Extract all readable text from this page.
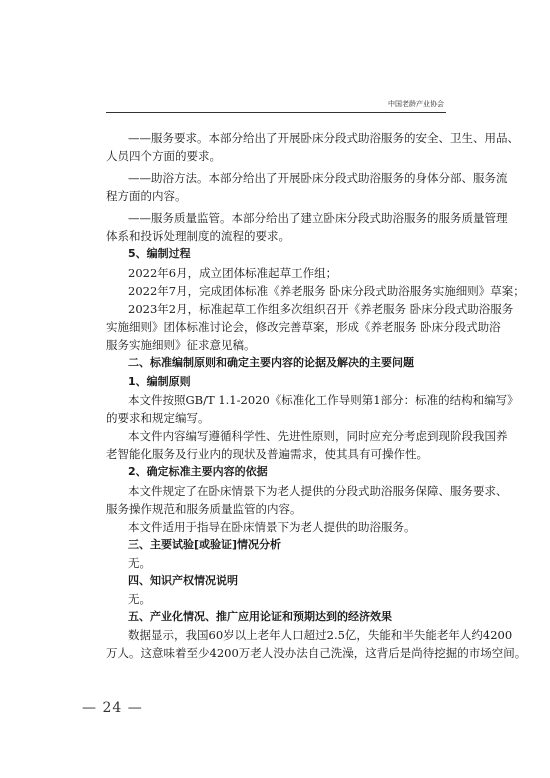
中国老龄产业协会
——服务要求。本部分给出了开展卧床分段式助浴服务的安全、卫生、用品、
人员四个方面的要求。
——助浴方法。本部分给出了开展卧床分段式助浴服务的身体分部、服务流
程方面的内容。
——服务质量监管。本部分给出了建立卧床分段式助浴服务的服务质量管理
体系和投诉处理制度的流程的要求。
5、编制过程
2022年6月，成立团体标准起草工作组；
2022年7月，完成团体标准《养老服务 卧床分段式助浴服务实施细则》草案；
2023年2月，标准起草工作组多次组织召开《养老服务 卧床分段式助浴服务
实施细则》团体标准讨论会，修改完善草案，形成《养老服务 卧床分段式助浴
服务实施细则》征求意见稿。
二、标准编制原则和确定主要内容的论据及解决的主要问题
1、编制原则
本文件按照GB/T 1.1-2020《标准化工作导则第1部分：标准的结构和编写》
的要求和规定编写。
本文件内容编写遵循科学性、先进性原则，同时应充分考虑到现阶段我国养
老智能化服务及行业内的现状及普遍需求，使其具有可操作性。
2、确定标准主要内容的依据
本文件规定了在卧床情景下为老人提供的分段式助浴服务保障、服务要求、
服务操作规范和服务质量监管的内容。
本文件适用于指导在卧床情景下为老人提供的助浴服务。
三、主要试验[或验证]情况分析
无。
四、知识产权情况说明
无。
五、产业化情况、推广应用论证和预期达到的经济效果
数据显示，我国60岁以上老年人口超过2.5亿，失能和半失能老年人约4200
万人。这意味着至少4200万老人没办法自己洗澡，这背后是尚待挖掘的市场空间。
— 24 —
